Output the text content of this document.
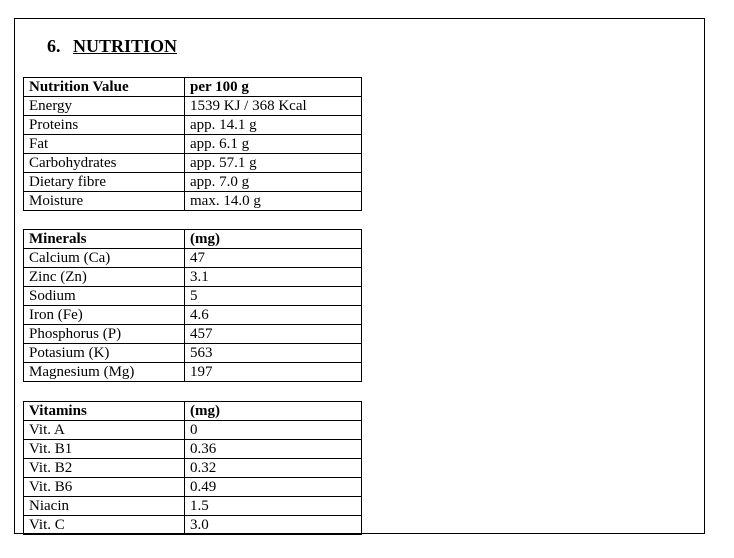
6. NUTRITION
Nutrition Value	per 100 g
Energy	1539 KJ / 368 Kcal
Proteins	app. 14.1 g
Fat	app. 6.1 g
Carbohydrates	app. 57.1 g
Dietary fibre	app. 7.0 g
Moisture	max. 14.0 g
Minerals	(mg)
Calcium (Ca)	47
Zinc (Zn)	3.1
Sodium	5
Iron (Fe)	4.6
Phosphorus (P)	457
Potasium (K)	563
Magnesium (Mg)	197
Vitamins	(mg)
Vit. A	0
Vit. B1	0.36
Vit. B2	0.32
Vit. B6	0.49
Niacin	1.5
Vit. C	3.0
